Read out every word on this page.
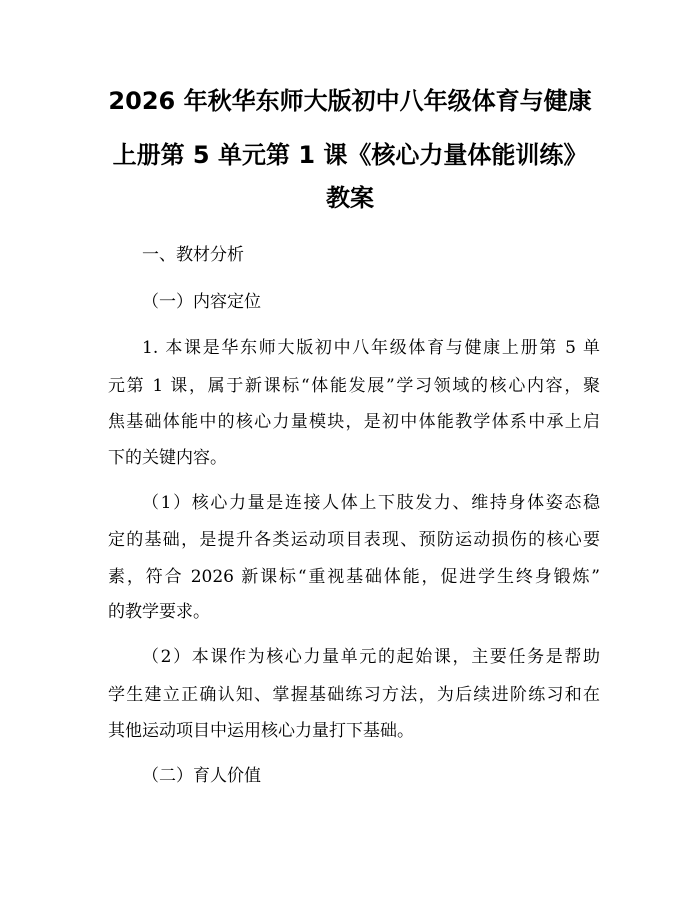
2026 年秋华东师大版初中八年级体育与健康
上册第 5 单元第 1 课《核心力量体能训练》
教案
一、教材分析
（一）内容定位
1. 本课是华东师大版初中八年级体育与健康上册第 5 单
元第 1 课，属于新课标“体能发展”学习领域的核心内容，聚
焦基础体能中的核心力量模块，是初中体能教学体系中承上启
下的关键内容。
（1）核心力量是连接人体上下肢发力、维持身体姿态稳
定的基础，是提升各类运动项目表现、预防运动损伤的核心要
素，符合 2026 新课标“重视基础体能，促进学生终身锻炼”
的教学要求。
（2）本课作为核心力量单元的起始课，主要任务是帮助
学生建立正确认知、掌握基础练习方法，为后续进阶练习和在
其他运动项目中运用核心力量打下基础。
（二）育人价值
